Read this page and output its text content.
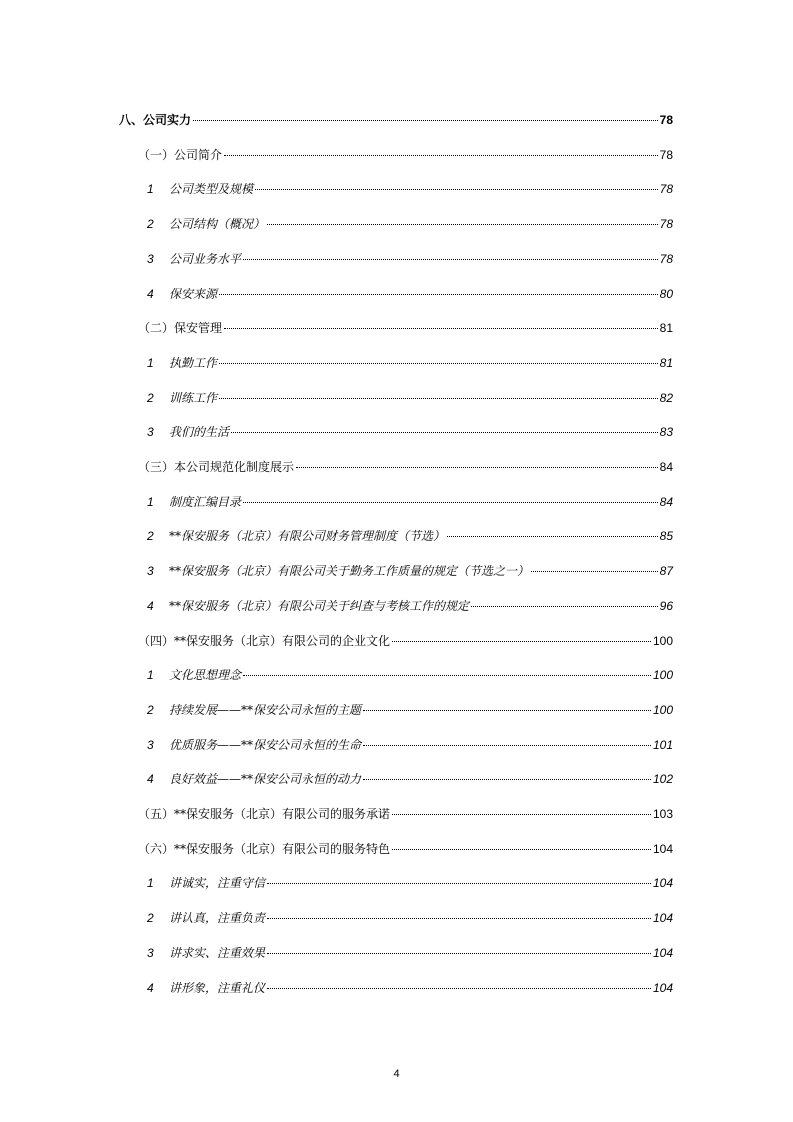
八、公司实力	78
（一）公司简介	78
1 公司类型及规模	78
2 公司结构（概况）	78
3 公司业务水平	78
4 保安来源	80
（二）保安管理	81
1 执勤工作	81
2 训练工作	82
3 我们的生活	83
（三）本公司规范化制度展示	84
1 制度汇编目录	84
2 **保安服务（北京）有限公司财务管理制度（节选）	85
3 **保安服务（北京）有限公司关于勤务工作质量的规定（节选之一）	87
4 **保安服务（北京）有限公司关于纠查与考核工作的规定	96
（四）**保安服务（北京）有限公司的企业文化	100
1 文化思想理念	100
2 持续发展——**保安公司永恒的主题	100
3 优质服务——**保安公司永恒的生命	101
4 良好效益——**保安公司永恒的动力	102
（五）**保安服务（北京）有限公司的服务承诺	103
（六）**保安服务（北京）有限公司的服务特色	104
1 讲诚实，注重守信	104
2 讲认真，注重负责	104
3 讲求实、注重效果	104
4 讲形象，注重礼仪	104
4
